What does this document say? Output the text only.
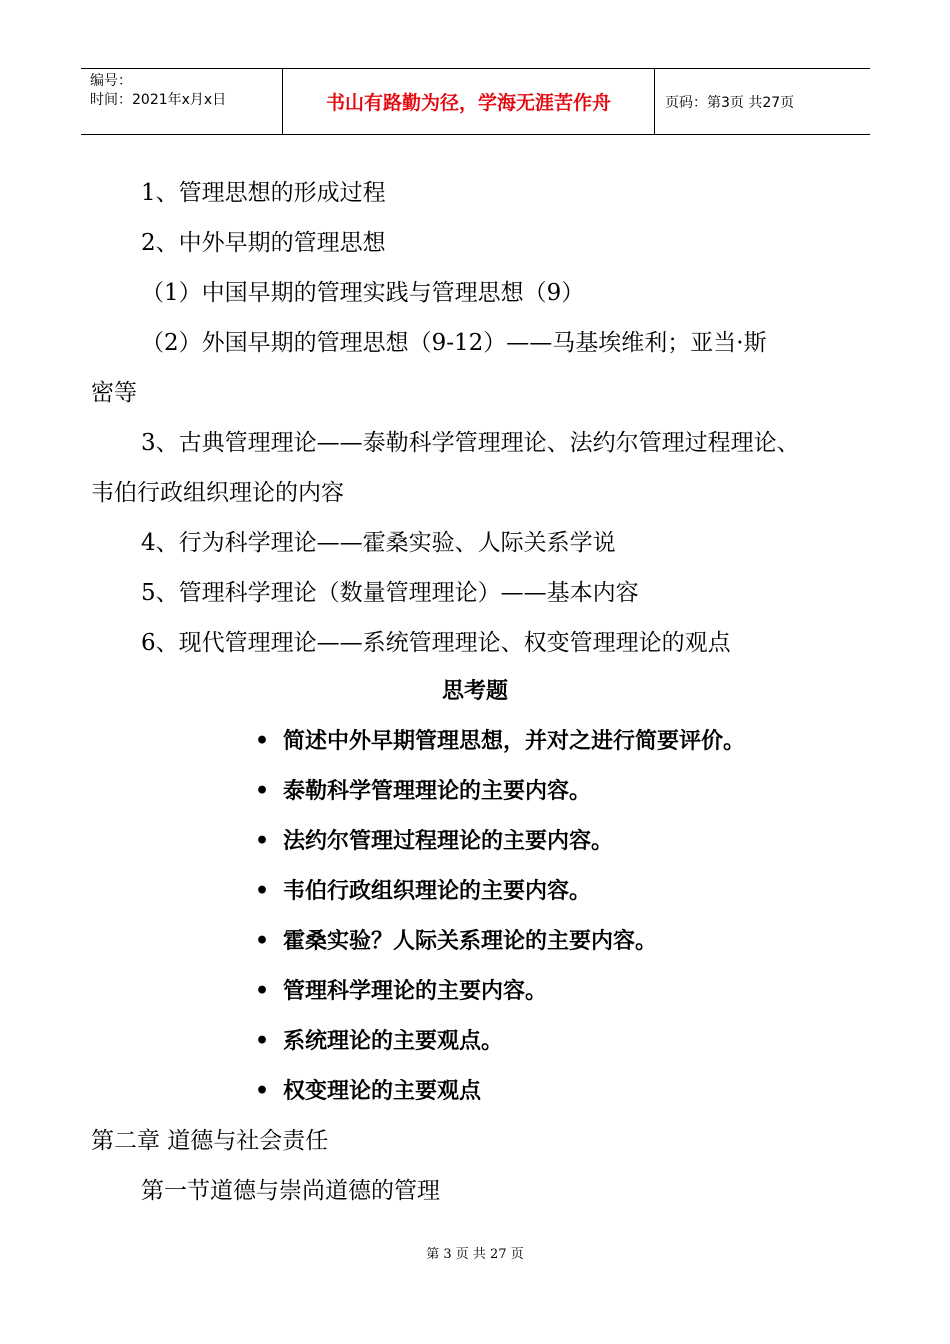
编号：
时间：2021年x月x日	书山有路勤为径，学海无涯苦作舟	页码：第3页 共27页
1、管理思想的形成过程
2、中外早期的管理思想
（1）中国早期的管理实践与管理思想（9）
（2）外国早期的管理思想（9-12）——马基埃维利；亚当·斯
密等
3、古典管理理论——泰勒科学管理理论、法约尔管理过程理论、
韦伯行政组织理论的内容
4、行为科学理论——霍桑实验、人际关系学说
5、管理科学理论（数量管理理论）——基本内容
6、现代管理理论——系统管理理论、权变管理理论的观点
思考题
• 简述中外早期管理思想，并对之进行简要评价。
• 泰勒科学管理理论的主要内容。
• 法约尔管理过程理论的主要内容。
• 韦伯行政组织理论的主要内容。
• 霍桑实验？人际关系理论的主要内容。
• 管理科学理论的主要内容。
• 系统理论的主要观点。
• 权变理论的主要观点
第二章 道德与社会责任
第一节道德与崇尚道德的管理
第 3 页 共 27 页
